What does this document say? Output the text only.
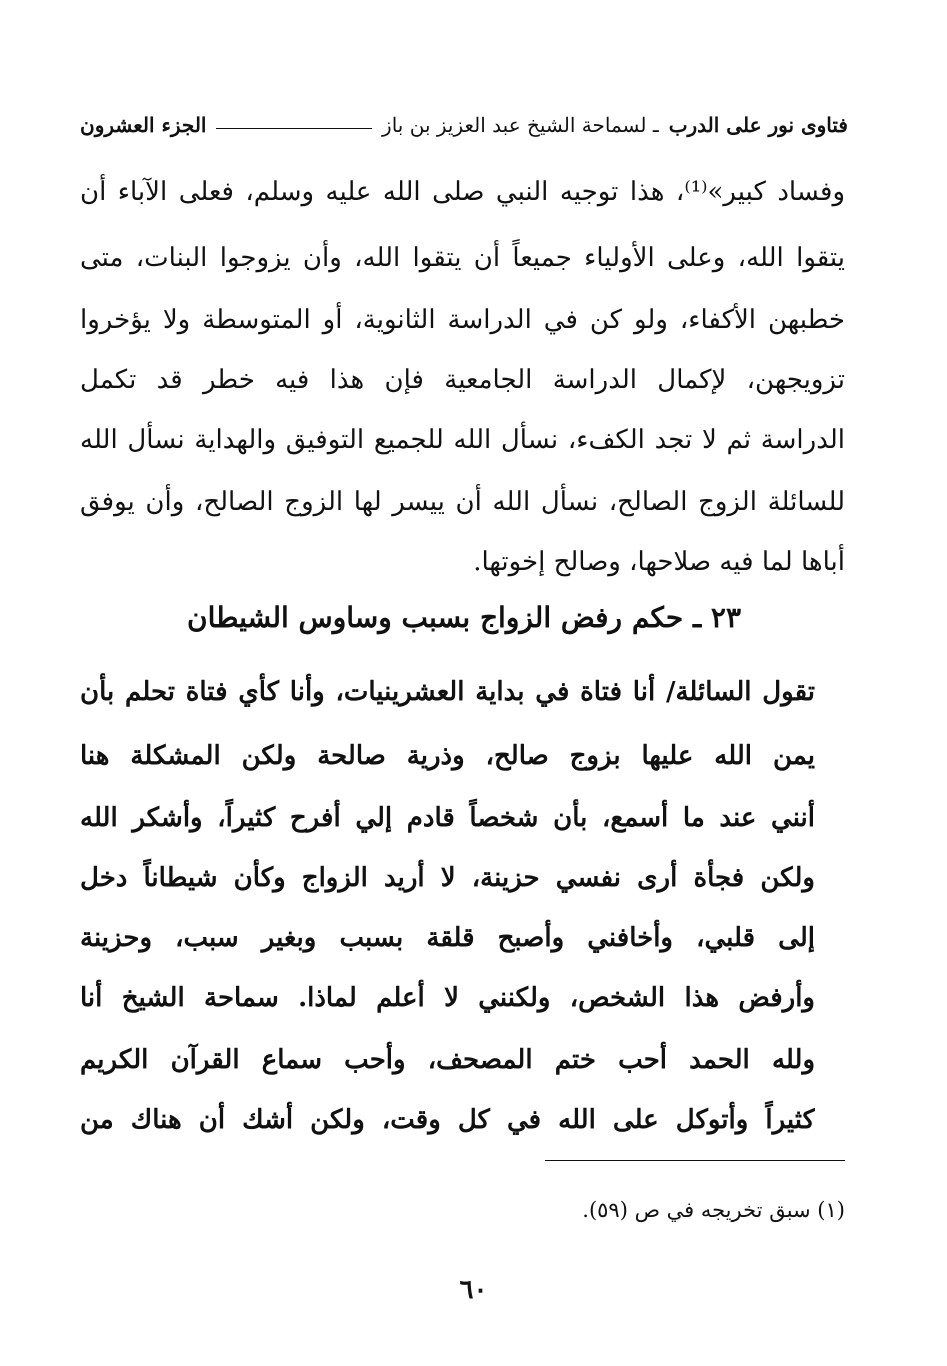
فتاوى نور على الدرب
ـ لسماحة الشيخ عبد العزيز بن باز
الجزء العشرون
وفساد كبير»⁽¹⁾، هذا توجيه النبي صلى الله عليه وسلم، فعلى الآباء أن
يتقوا الله، وعلى الأولياء جميعاً أن يتقوا الله، وأن يزوجوا البنات، متى
خطبهن الأكفاء، ولو كن في الدراسة الثانوية، أو المتوسطة ولا يؤخروا
تزويجهن، لإكمال الدراسة الجامعية فإن هذا فيه خطر قد تكمل
الدراسة ثم لا تجد الكفء، نسأل الله للجميع التوفيق والهداية نسأل الله
للسائلة الزوج الصالح، نسأل الله أن ييسر لها الزوج الصالح، وأن يوفق
أباها لما فيه صلاحها، وصالح إخوتها.
٢٣ ـ حكم رفض الزواج بسبب وساوس الشيطان
تقول السائلة/ أنا فتاة في بداية العشرينيات، وأنا كأي فتاة تحلم بأن
يمن الله عليها بزوج صالح، وذرية صالحة ولكن المشكلة هنا
أنني عند ما أسمع، بأن شخصاً قادم إلي أفرح كثيراً، وأشكر الله
ولكن فجأة أرى نفسي حزينة، لا أريد الزواج وكأن شيطاناً دخل
إلى قلبي، وأخافني وأصبح قلقة بسبب وبغير سبب، وحزينة
وأرفض هذا الشخص، ولكنني لا أعلم لماذا. سماحة الشيخ أنا
ولله الحمد أحب ختم المصحف، وأحب سماع القرآن الكريم
كثيراً وأتوكل على الله في كل وقت، ولكن أشك أن هناك من
(١) سبق تخريجه في ص (٥٩).
٦٠
